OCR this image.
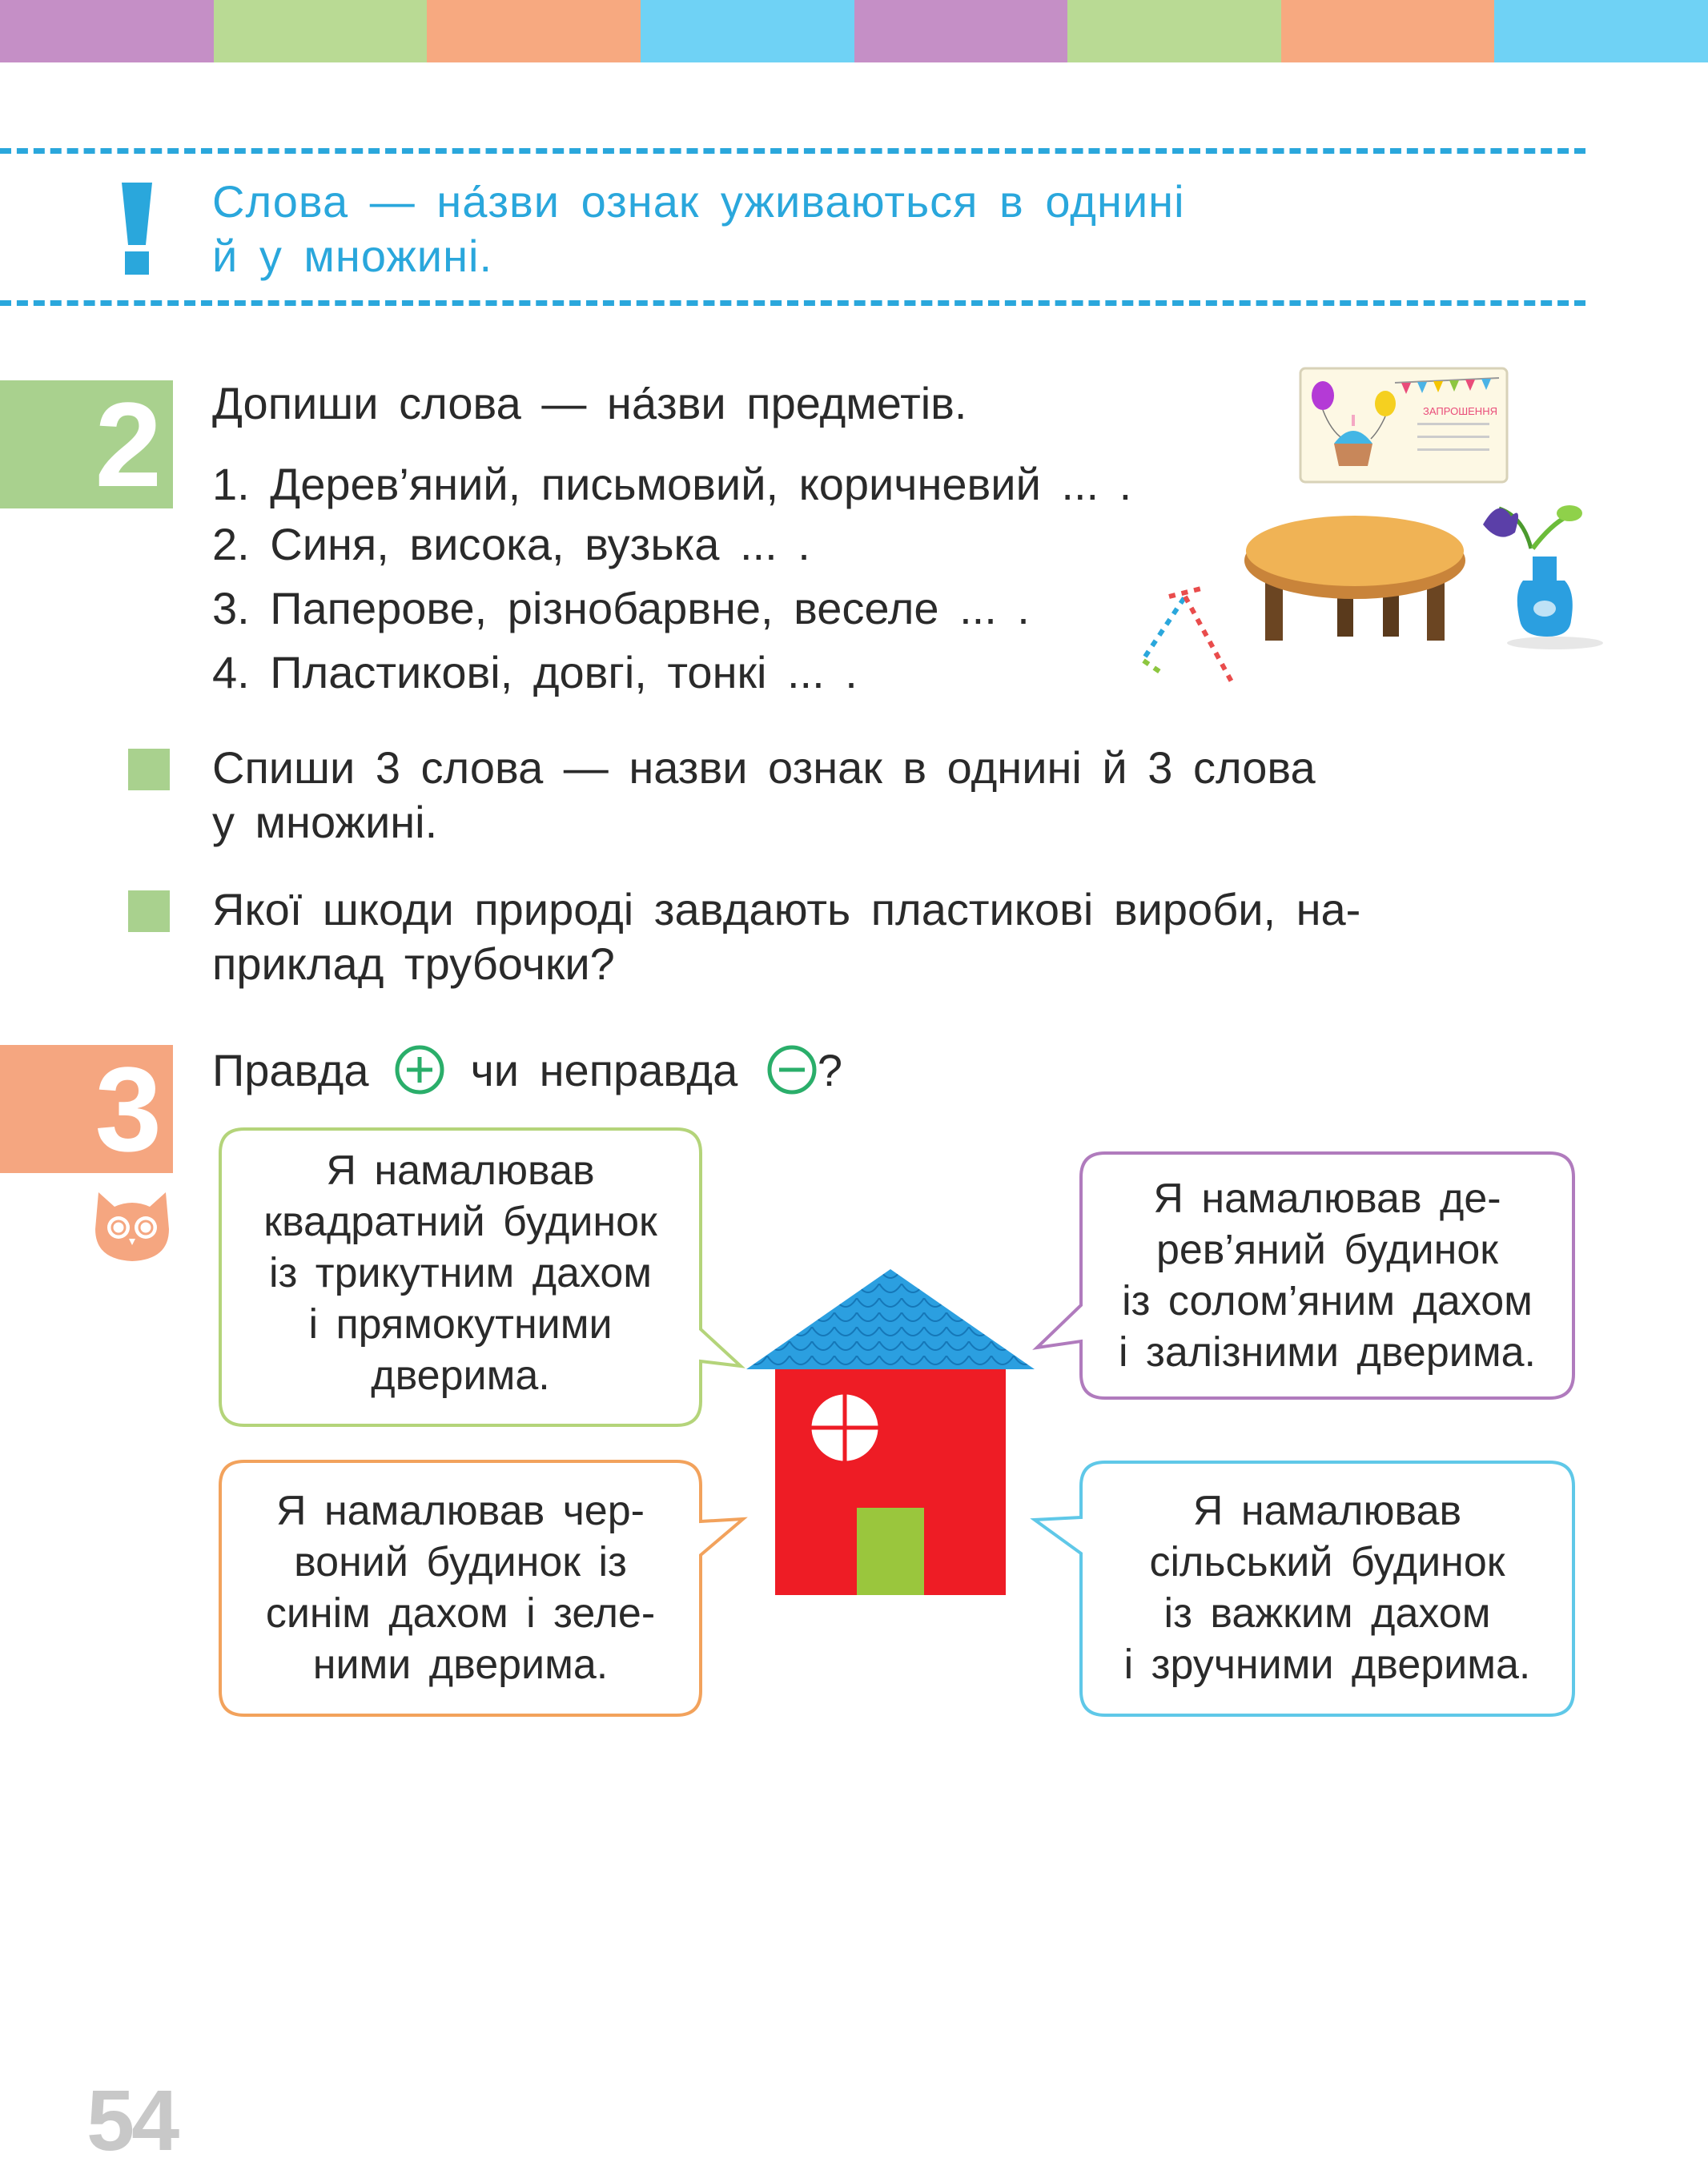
Слова — на́зви ознак уживаються в однині
й у множині.
2 Допиши слова — на́зви предметів.
1. Дерев’яний, письмовий, коричневий ... .
2. Синя, висока, вузька ... .
3. Паперове, різнобарвне, веселе ... .
4. Пластикові, довгі, тонкі ... .
ЗАПРОШЕННЯ
Спиши 3 слова — назви ознак в однині й 3 слова
у множині.
Якої шкоди природі завдають пластикові вироби, на-
приклад трубочки?
3 Правда чи неправда ?
Я намалював
квадратний будинок
із трикутним дахом
і прямокутними
дверима.
Я намалював де-
рев’яний будинок
із солом’яним дахом
і залізними дверима.
Я намалював чер-
воний будинок із
синім дахом і зеле-
ними дверима.
Я намалював
сільський будинок
із важким дахом
і зручними дверима.
54
